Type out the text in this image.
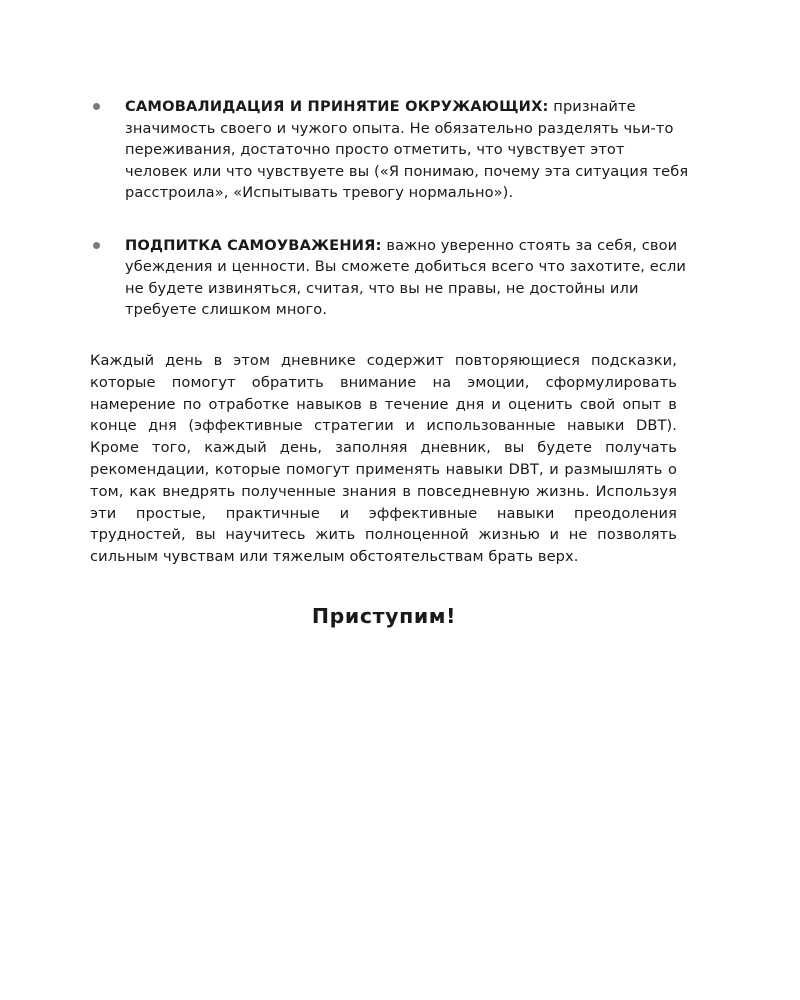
САМОВАЛИДАЦИЯ И ПРИНЯТИЕ ОКРУЖАЮЩИХ: признайте значимость своего и чужого опыта. Не обязательно разделять чьи-то переживания, достаточно просто отметить, что чувствует этот человек или что чувствуете вы («Я понимаю, почему эта ситуация тебя расстроила», «Испытывать тревогу нормально»).
ПОДПИТКА САМОУВАЖЕНИЯ: важно уверенно стоять за себя, свои убеждения и ценности. Вы сможете добиться всего что захотите, если не будете извиняться, считая, что вы не правы, не достойны или требуете слишком много.

Каждый день в этом дневнике содержит повторяющиеся подсказки, которые помогут обратить внимание на эмоции, сформулировать намерение по отработке навыков в течение дня и оценить свой опыт в конце дня (эффективные стратегии и использованные навыки DBT). Кроме того, каждый день, заполняя дневник, вы будете получать рекомендации, которые помогут применять навыки DBT, и размышлять о том, как внедрять полученные знания в повседневную жизнь. Используя эти простые, практичные и эффективные навыки преодоления трудностей, вы научитесь жить полноценной жизнью и не позволять сильным чувствам или тяжелым обстоятельствам брать верх.

Приступим!
